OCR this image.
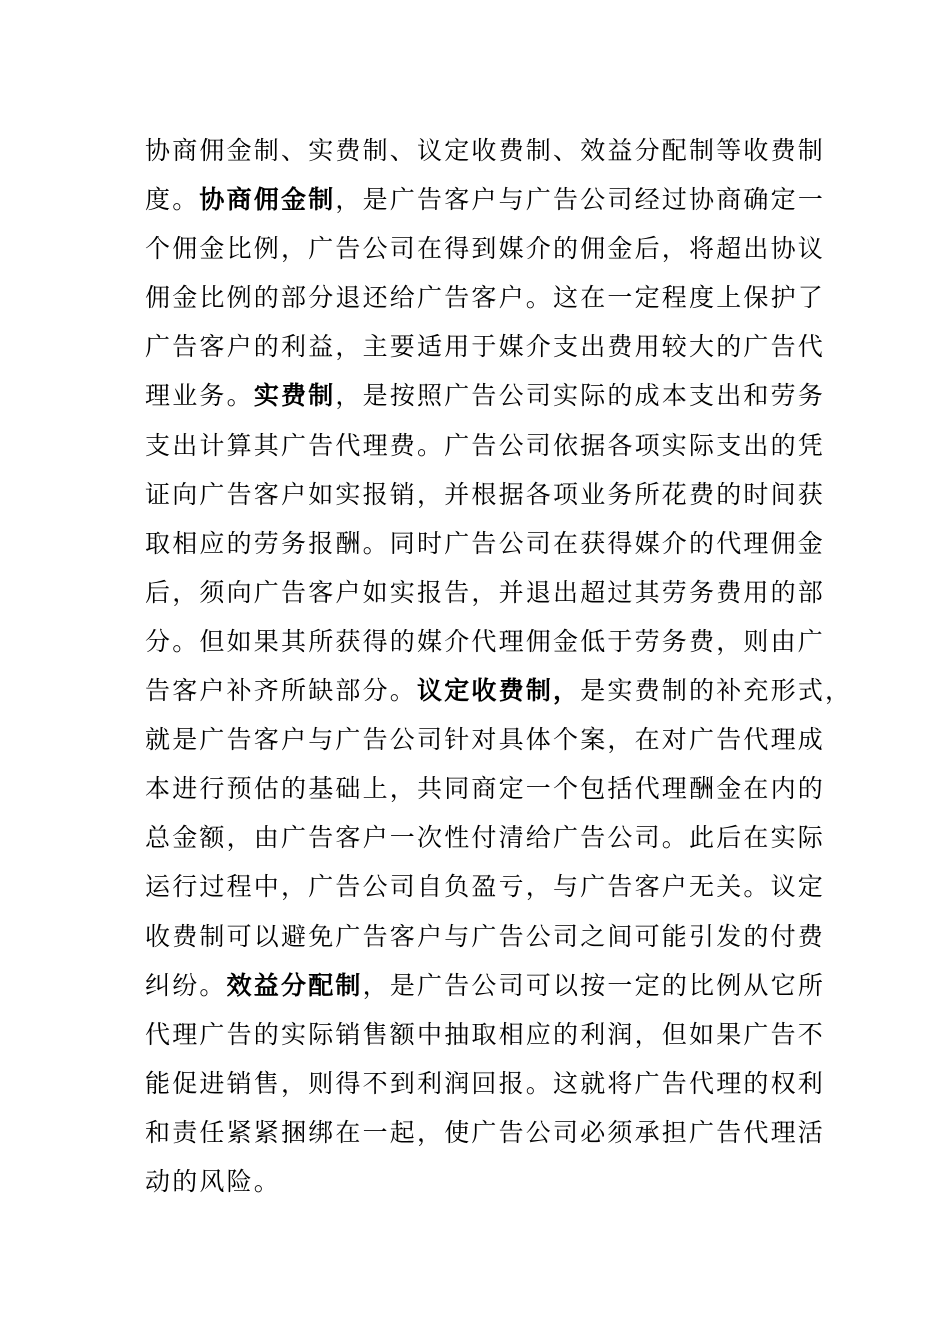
协商佣金制、实费制、议定收费制、效益分配制等收费制
度。协商佣金制，是广告客户与广告公司经过协商确定一
个佣金比例，广告公司在得到媒介的佣金后，将超出协议
佣金比例的部分退还给广告客户。这在一定程度上保护了
广告客户的利益，主要适用于媒介支出费用较大的广告代
理业务。实费制，是按照广告公司实际的成本支出和劳务
支出计算其广告代理费。广告公司依据各项实际支出的凭
证向广告客户如实报销，并根据各项业务所花费的时间获
取相应的劳务报酬。同时广告公司在获得媒介的代理佣金
后，须向广告客户如实报告，并退出超过其劳务费用的部
分。但如果其所获得的媒介代理佣金低于劳务费，则由广
告客户补齐所缺部分。议定收费制，是实费制的补充形式，
就是广告客户与广告公司针对具体个案，在对广告代理成
本进行预估的基础上，共同商定一个包括代理酬金在内的
总金额，由广告客户一次性付清给广告公司。此后在实际
运行过程中，广告公司自负盈亏，与广告客户无关。议定
收费制可以避免广告客户与广告公司之间可能引发的付费
纠纷。效益分配制，是广告公司可以按一定的比例从它所
代理广告的实际销售额中抽取相应的利润，但如果广告不
能促进销售，则得不到利润回报。这就将广告代理的权利
和责任紧紧捆绑在一起，使广告公司必须承担广告代理活
动的风险。
